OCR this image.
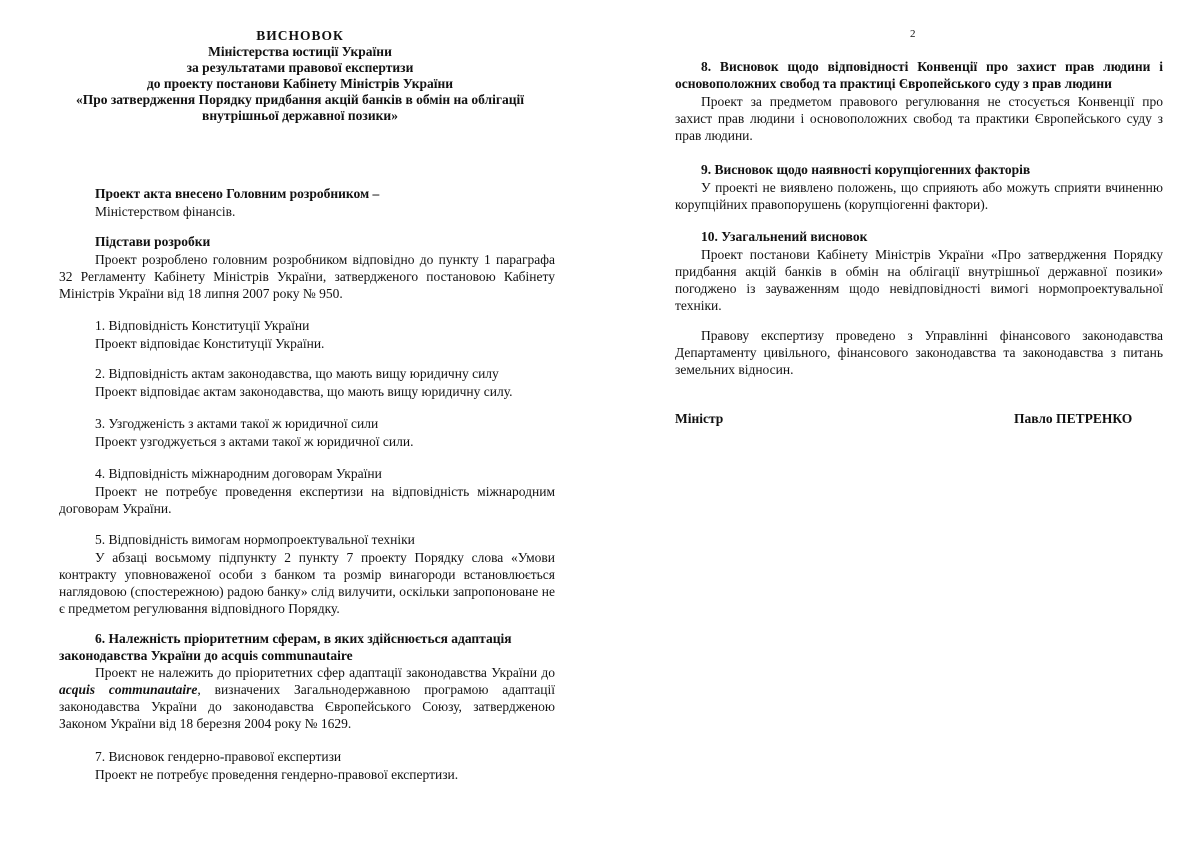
ВИСНОВОК
Міністерства юстиції України
за результатами правової експертизи
до проекту постанови Кабінету Міністрів України
«Про затвердження Порядку придбання акцій банків в обмін на облігації
внутрішньої державної позики»
Проект акта внесено Головним розробником –
Міністерством фінансів.
Підстави розробки
Проект розроблено головним розробником відповідно до пункту 1 параграфа 32 Регламенту Кабінету Міністрів України, затвердженого постановою Кабінету Міністрів України від 18 липня 2007 року № 950.
1. Відповідність Конституції України
Проект відповідає Конституції України.
2. Відповідність актам законодавства, що мають вищу юридичну силу
Проект відповідає актам законодавства, що мають вищу юридичну силу.
3. Узгодженість з актами такої ж юридичної сили
Проект узгоджується з актами такої ж юридичної сили.
4. Відповідність міжнародним договорам України
Проект не потребує проведення експертизи на відповідність міжнародним договорам України.
5. Відповідність вимогам нормопроектувальної техніки
У абзаці восьмому підпункту 2 пункту 7 проекту Порядку слова «Умови контракту уповноваженої особи з банком та розмір винагороди встановлюється наглядовою (спостережною) радою банку» слід вилучити, оскільки запропоноване не є предметом регулювання відповідного Порядку.
6. Належність пріоритетним сферам, в яких здійснюється адаптація законодавства України до acquis communautaire
Проект не належить до пріоритетних сфер адаптації законодавства України до acquis communautaire, визначених Загальнодержавною програмою адаптації законодавства України до законодавства Європейського Союзу, затвердженою Законом України від 18 березня 2004 року № 1629.
7. Висновок гендерно-правової експертизи
Проект не потребує проведення гендерно-правової експертизи.
2
8. Висновок щодо відповідності Конвенції про захист прав людини і основоположних свобод та практиці Європейського суду з прав людини
Проект за предметом правового регулювання не стосується Конвенції про захист прав людини і основоположних свобод та практики Європейського суду з прав людини.
9. Висновок щодо наявності корупціогенних факторів
У проекті не виявлено положень, що сприяють або можуть сприяти вчиненню корупційних правопорушень (корупціогенні фактори).
10. Узагальнений висновок
Проект постанови Кабінету Міністрів України «Про затвердження Порядку придбання акцій банків в обмін на облігації внутрішньої державної позики» погоджено із зауваженням щодо невідповідності вимогі нормопроектувальної техніки.
Правову експертизу проведено з Управлінні фінансового законодавства Департаменту цивільного, фінансового законодавства та законодавства з питань земельних відносин.
Міністр	Павло ПЕТРЕНКО
